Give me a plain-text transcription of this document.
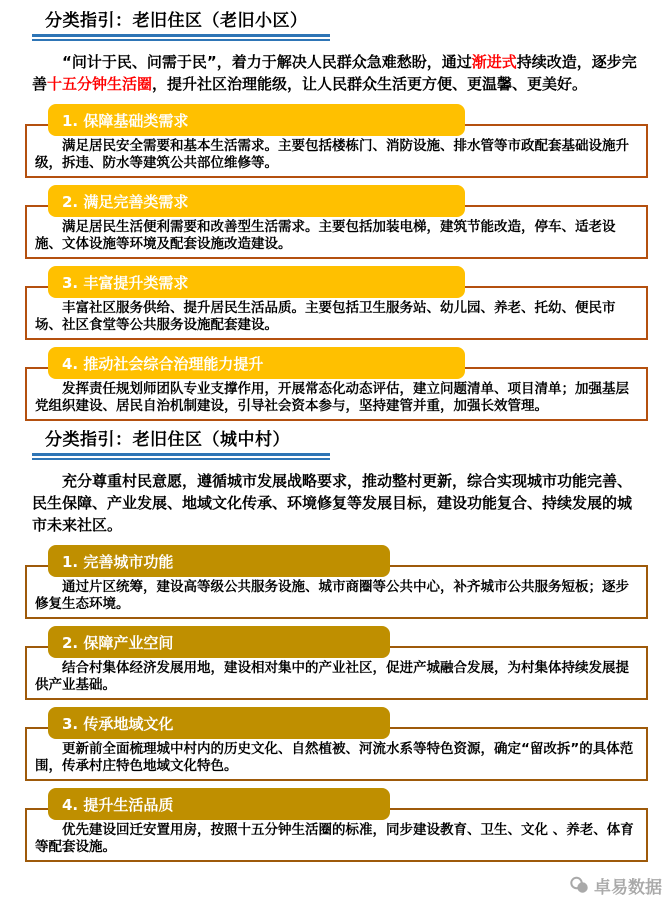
分类指引：老旧住区（老旧小区）

“问计于民、问需于民”，着力于解决人民群众急难愁盼，通过渐进式持续改造，逐步完善十五分钟生活圈，提升社区治理能级，让人民群众生活更方便、更温馨、更美好。

1. 保障基础类需求

满足居民安全需要和基本生活需求。主要包括楼栋门、消防设施、排水管等市政配套基础设施升级，拆违、防水等建筑公共部位维修等。

2. 满足完善类需求

满足居民生活便利需要和改善型生活需求。主要包括加装电梯，建筑节能改造，停车、适老设施、文体设施等环境及配套设施改造建设。

3. 丰富提升类需求

丰富社区服务供给、提升居民生活品质。主要包括卫生服务站、幼儿园、养老、托幼、便民市场、社区食堂等公共服务设施配套建设。

4. 推动社会综合治理能力提升

发挥责任规划师团队专业支撑作用，开展常态化动态评估，建立问题清单、项目清单；加强基层党组织建设、居民自治机制建设，引导社会资本参与，坚持建管并重，加强长效管理。

分类指引：老旧住区（城中村）

充分尊重村民意愿，遵循城市发展战略要求，推动整村更新，综合实现城市功能完善、民生保障、产业发展、地域文化传承、环境修复等发展目标，建设功能复合、持续发展的城市未来社区。

1. 完善城市功能

通过片区统筹，建设高等级公共服务设施、城市商圈等公共中心，补齐城市公共服务短板；逐步修复生态环境。

2. 保障产业空间

结合村集体经济发展用地，建设相对集中的产业社区，促进产城融合发展，为村集体持续发展提供产业基础。

3. 传承地域文化

更新前全面梳理城中村内的历史文化、自然植被、河流水系等特色资源，确定“留改拆”的具体范围，传承村庄特色地域文化特色。

4. 提升生活品质

优先建设回迁安置用房，按照十五分钟生活圈的标准，同步建设教育、卫生、文化 、养老、体育等配套设施。

卓易数据
